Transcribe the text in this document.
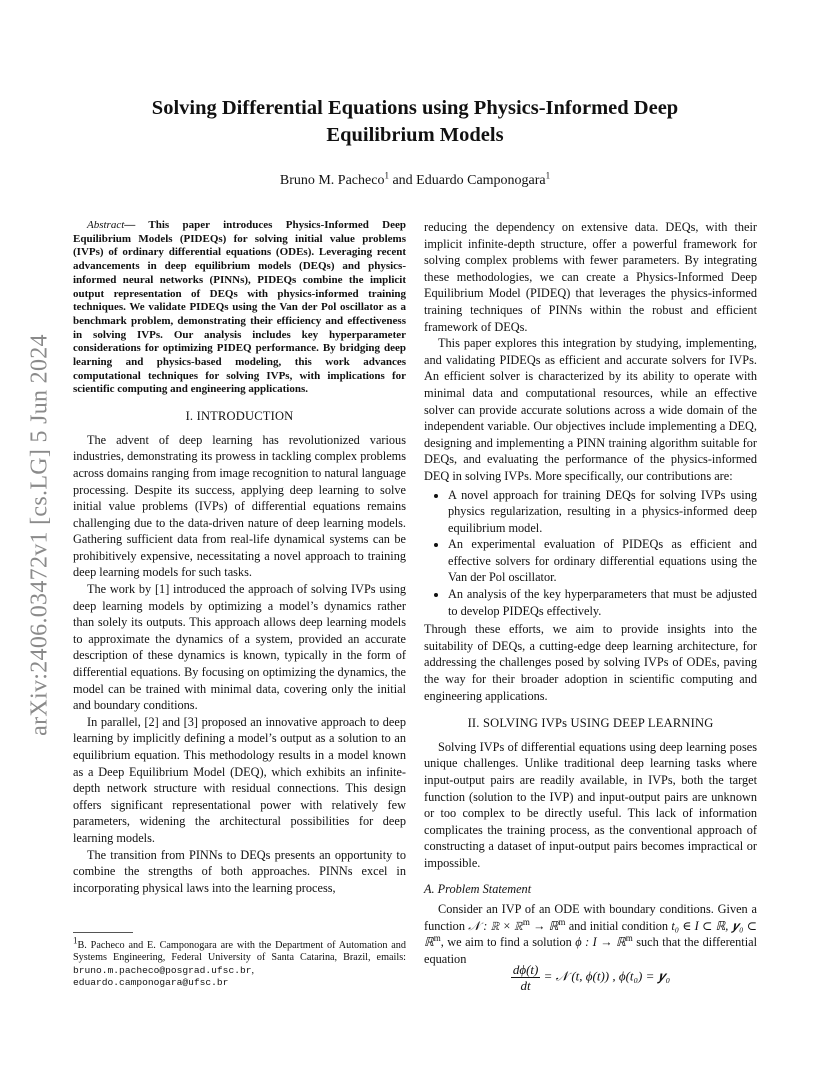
arXiv:2406.03472v1 [cs.LG] 5 Jun 2024
Solving Differential Equations using Physics-Informed Deep Equilibrium Models
Bruno M. Pacheco$^1$ and Eduardo Camponogara$^1$

Abstract— This paper introduces Physics-Informed Deep Equilibrium Models (PIDEQs) for solving initial value problems (IVPs) of ordinary differential equations (ODEs). Leveraging recent advancements in deep equilibrium models (DEQs) and physics-informed neural networks (PINNs), PIDEQs combine the implicit output representation of DEQs with physics-informed training techniques. We validate PIDEQs using the Van der Pol oscillator as a benchmark problem, demonstrating their efficiency and effectiveness in solving IVPs. Our analysis includes key hyperparameter considerations for optimizing PIDEQ performance. By bridging deep learning and physics-based modeling, this work advances computational techniques for solving IVPs, with implications for scientific computing and engineering applications.

I. INTRODUCTION

The advent of deep learning has revolutionized various industries, demonstrating its prowess in tackling complex problems across domains ranging from image recognition to natural language processing. Despite its success, applying deep learning to solve initial value problems (IVPs) of differential equations remains challenging due to the data-driven nature of deep learning models. Gathering sufficient data from real-life dynamical systems can be prohibitively expensive, necessitating a novel approach to training deep learning models for such tasks.

The work by [1] introduced the approach of solving IVPs using deep learning models by optimizing a model’s dynamics rather than solely its outputs. This approach allows deep learning models to approximate the dynamics of a system, provided an accurate description of these dynamics is known, typically in the form of differential equations. By focusing on optimizing the dynamics, the model can be trained with minimal data, covering only the initial and boundary conditions.

In parallel, [2] and [3] proposed an innovative approach to deep learning by implicitly defining a model’s output as a solution to an equilibrium equation. This methodology results in a model known as a Deep Equilibrium Model (DEQ), which exhibits an infinite-depth network structure with residual connections. This design offers significant representational power with relatively few parameters, widening the architectural possibilities for deep learning models.

The transition from PINNs to DEQs presents an opportunity to combine the strengths of both approaches. PINNs excel in incorporating physical laws into the learning process,

reducing the dependency on extensive data. DEQs, with their implicit infinite-depth structure, offer a powerful framework for solving complex problems with fewer parameters. By integrating these methodologies, we can create a Physics-Informed Deep Equilibrium Model (PIDEQ) that leverages the physics-informed training techniques of PINNs within the robust and efficient framework of DEQs.

This paper explores this integration by studying, implementing, and validating PIDEQs as efficient and accurate solvers for IVPs. An efficient solver is characterized by its ability to operate with minimal data and computational resources, while an effective solver can provide accurate solutions across a wide domain of the independent variable. Our objectives include implementing a DEQ, designing and implementing a PINN training algorithm suitable for DEQs, and evaluating the performance of the physics-informed DEQ in solving IVPs. More specifically, our contributions are:

• A novel approach for training DEQs for solving IVPs using physics regularization, resulting in a physics-informed deep equilibrium model.
• An experimental evaluation of PIDEQs as efficient and effective solvers for ordinary differential equations using the Van der Pol oscillator.
• An analysis of the key hyperparameters that must be adjusted to develop PIDEQs effectively.

Through these efforts, we aim to provide insights into the suitability of DEQs, a cutting-edge deep learning architecture, for addressing the challenges posed by solving IVPs of ODEs, paving the way for their broader adoption in scientific computing and engineering applications.

II. SOLVING IVPs USING DEEP LEARNING

Solving IVPs of differential equations using deep learning poses unique challenges. Unlike traditional deep learning tasks where input-output pairs are readily available, in IVPs, both the target function (solution to the IVP) and input-output pairs are unknown or too complex to be directly useful. This lack of information complicates the training process, as the conventional approach of constructing a dataset of input-output pairs becomes impractical or impossible.

A. Problem Statement

Consider an IVP of an ODE with boundary conditions. Given a function 𝒩 : ℝ × ℝ$^m$ → ℝ$^m$ and initial condition t₀ ∈ I ⊂ ℝ, 𝒚₀ ⊂ ℝ$^m$, we aim to find a solution ϕ : I → ℝ$^m$ such that the differential equation

$\frac{d\phi(t)}{dt}$ = 𝒩 (t, ϕ(t)) , ϕ(t₀) = 𝒚₀
$^1$B. Pacheco and E. Camponogara are with the Department of Automation and Systems Engineering, Federal University of Santa Catarina, Brazil, emails: bruno.m.pacheco@posgrad.ufsc.br, eduardo.camponogara@ufsc.br
